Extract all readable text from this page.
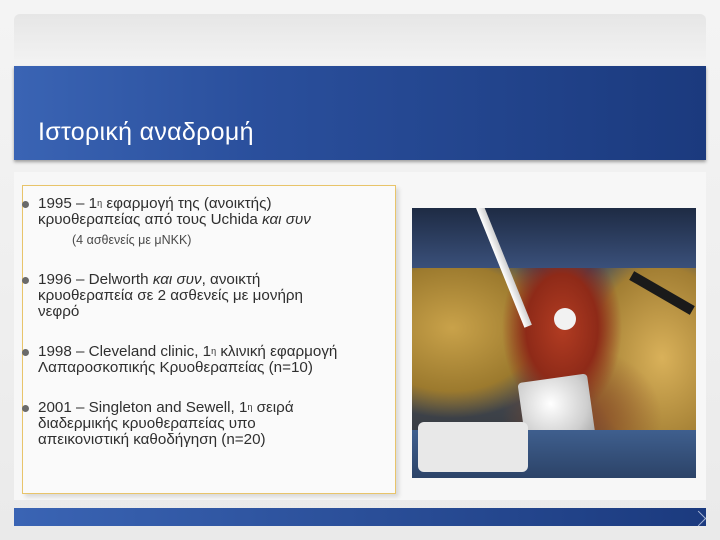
Ιστορική αναδρομή
$1995 - 1^\eta$ εφαρμογή της (ανοικτής)
κρυοθεραπείας από τους Uchida και συν
(4 ασθενείς με μΝΚΚ)
1996 – Delworth και συν, ανοικτή
κρυοθεραπεία σε 2 ασθενείς με μονήρη
νεφρό
1998 – Cleveland clinic, $1^\eta$ κλινική εφαρμογή
Λαπαροσκοπικής Κρυοθεραπείας (n=10)
2001 – Singleton and Sewell, $1^\eta$ σειρά
διαδερμικής κρυοθεραπείας υπο
απεικονιστική καθοδήγηση (n=20)
